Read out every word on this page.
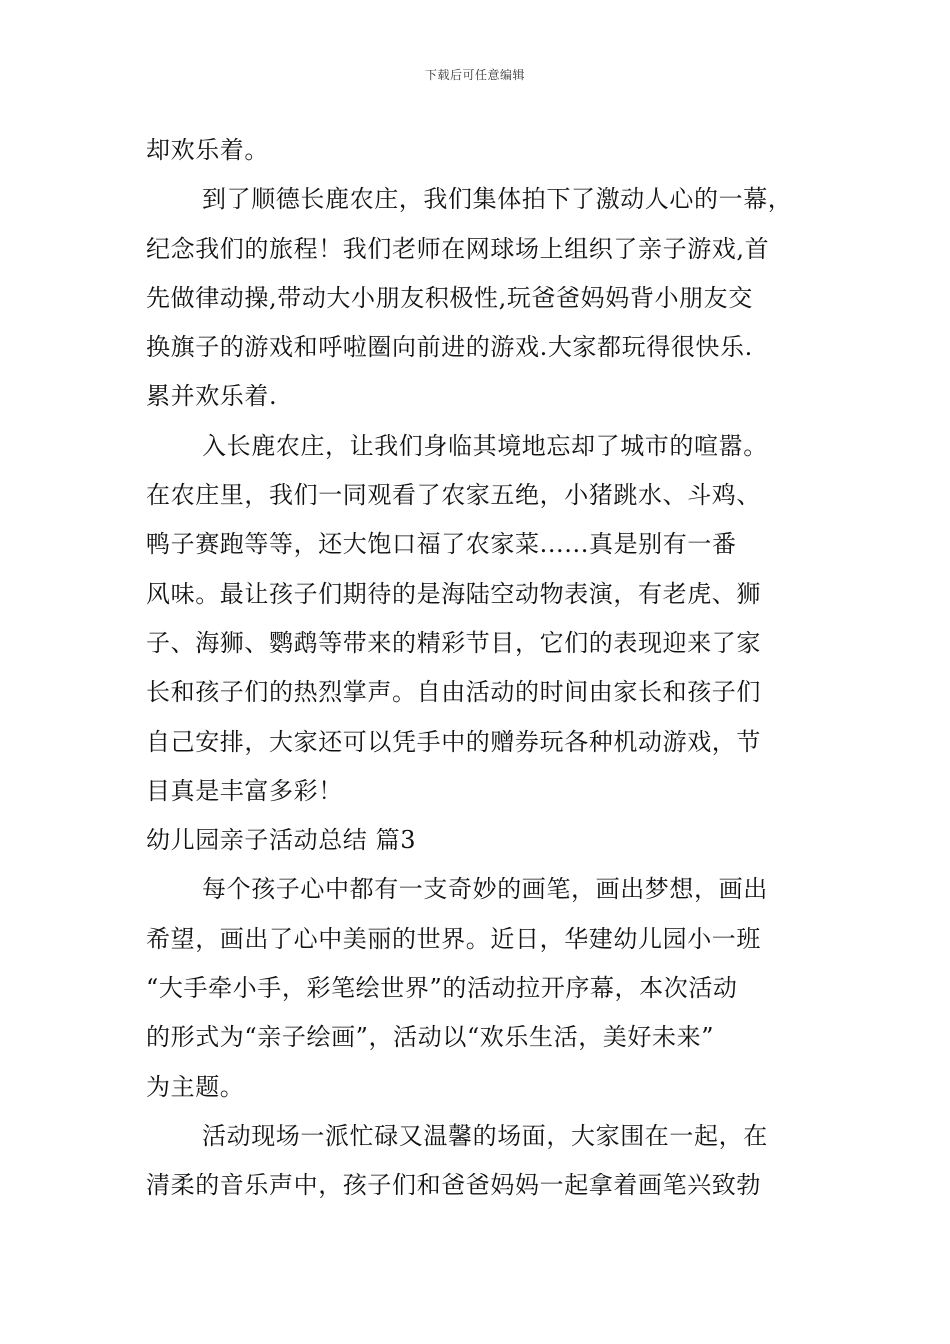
下载后可任意编辑

却欢乐着。

到了顺德长鹿农庄，我们集体拍下了激动人心的一幕，
纪念我们的旅程！我们老师在网球场上组织了亲子游戏,首
先做律动操,带动大小朋友积极性,玩爸爸妈妈背小朋友交
换旗子的游戏和呼啦圈向前进的游戏.大家都玩得很快乐.
累并欢乐着.

入长鹿农庄，让我们身临其境地忘却了城市的喧嚣。
在农庄里，我们一同观看了农家五绝，小猪跳水、斗鸡、
鸭子赛跑等等，还大饱口福了农家菜......真是别有一番
风味。最让孩子们期待的是海陆空动物表演，有老虎、狮
子、海狮、鹦鹉等带来的精彩节目，它们的表现迎来了家
长和孩子们的热烈掌声。自由活动的时间由家长和孩子们
自己安排，大家还可以凭手中的赠券玩各种机动游戏，节
目真是丰富多彩！

幼儿园亲子活动总结 篇3

每个孩子心中都有一支奇妙的画笔，画出梦想，画出
希望，画出了心中美丽的世界。近日，华建幼儿园小一班
“大手牵小手，彩笔绘世界”的活动拉开序幕，本次活动
的形式为“亲子绘画”，活动以“欢乐生活，美好未来”
为主题。

活动现场一派忙碌又温馨的场面，大家围在一起，在
清柔的音乐声中，孩子们和爸爸妈妈一起拿着画笔兴致勃
